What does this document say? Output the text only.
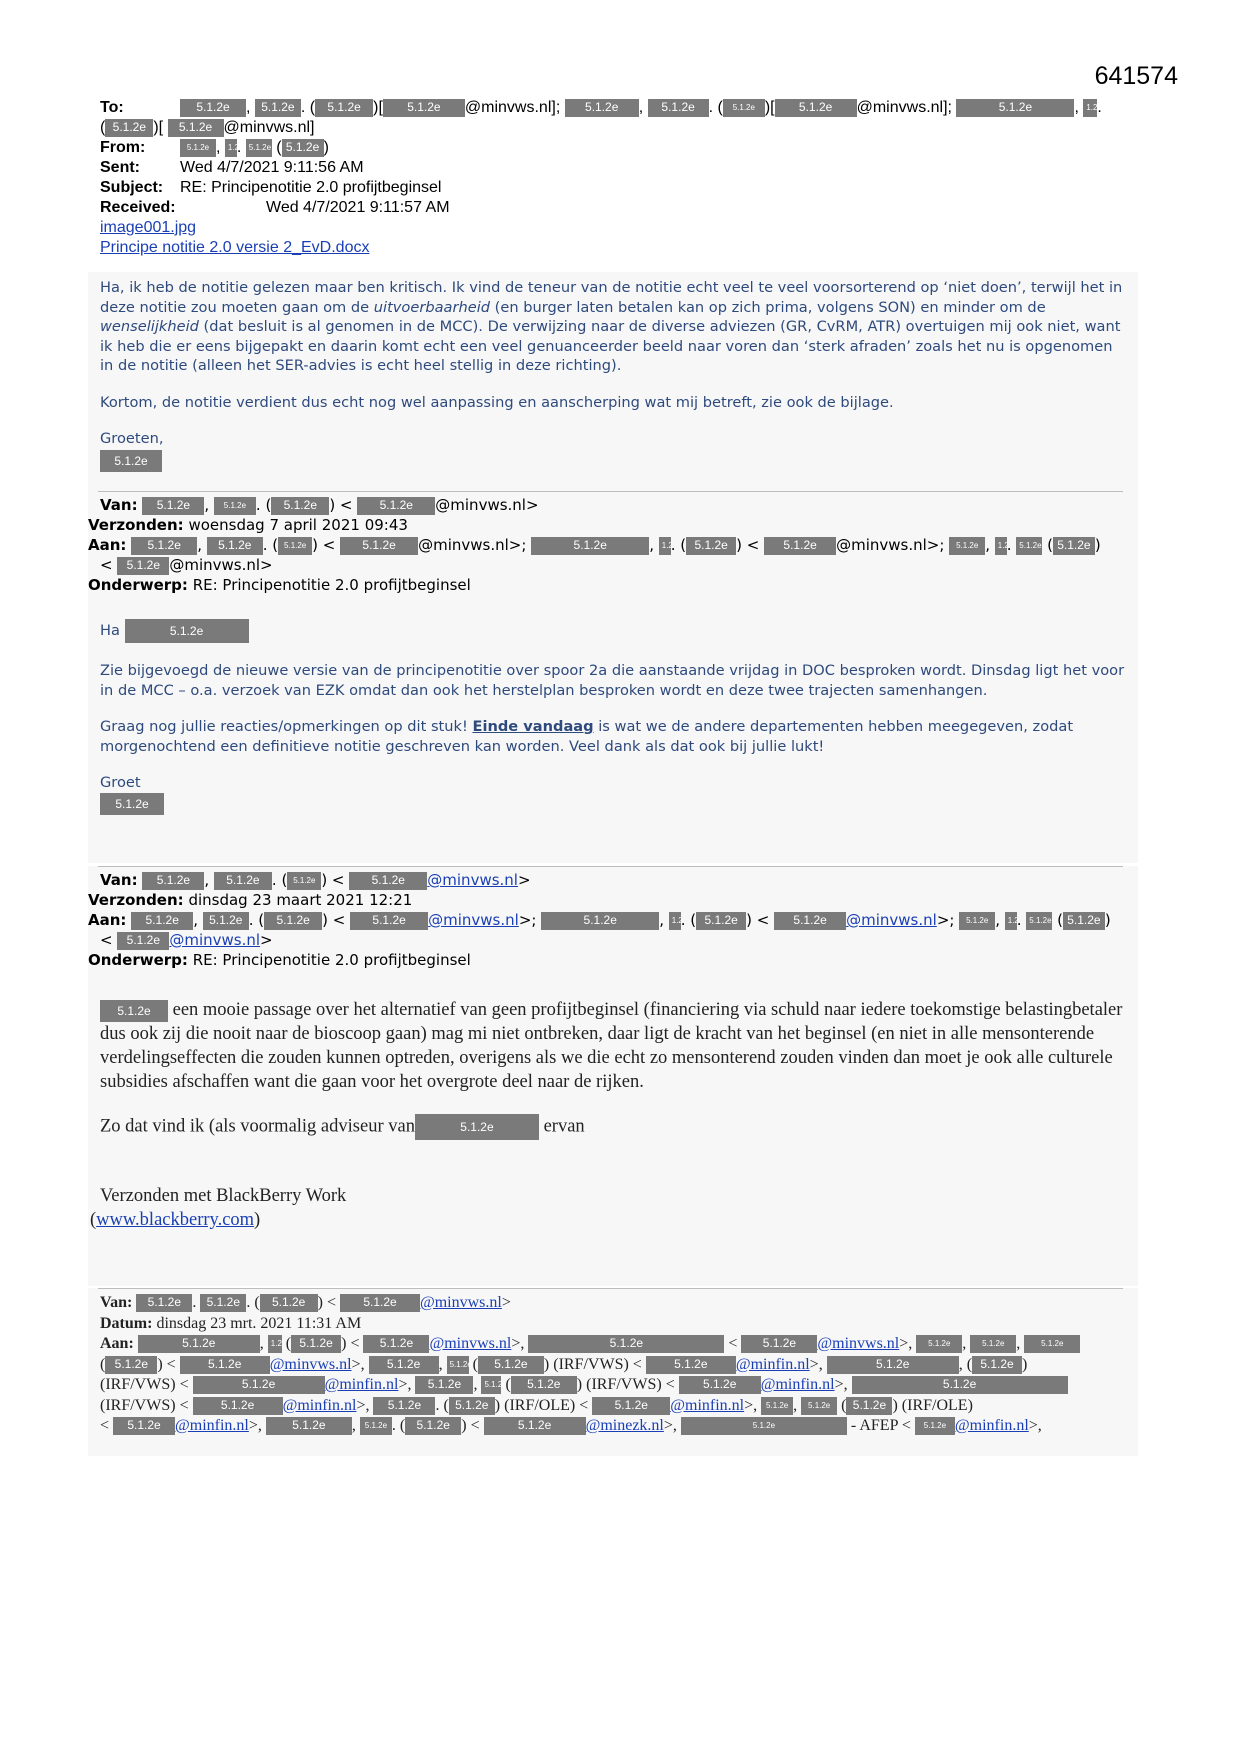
641574
To:	5.1.2e , 5.1.2e . ( 5.1.2e )[ 5.1.2e @minvws.nl]; 5.1.2e , 5.1.2e . ( 5.1.2e )[ 5.1.2e @minvws.nl];	5.1.2e	, 1.2.
( 5.1.2e )[ 5.1.2e @minvws.nl]
From:	5.1.2e , 1.2. 5.1.2e ( 5.1.2e )
Sent:	Wed 4/7/2021 9:11:56 AM
Subject: RE: Principenotitie 2.0 profijtbeginsel
Received:	Wed 4/7/2021 9:11:57 AM
image001.jpg
Principe notitie 2.0 versie 2_EvD.docx

Ha, ik heb de notitie gelezen maar ben kritisch. Ik vind de teneur van de notitie echt veel te veel voorsorterend op ‘niet doen’, terwijl het in deze notitie zou moeten gaan om de uitvoerbaarheid (en burger laten betalen kan op zich prima, volgens SON) en minder om de wenselijkheid (dat besluit is al genomen in de MCC). De verwijzing naar de diverse adviezen (GR, CvRM, ATR) overtuigen mij ook niet, want ik heb die er eens bijgepakt en daarin komt echt een veel genuanceerder beeld naar voren dan ‘sterk afraden’ zoals het nu is opgenomen in de notitie (alleen het SER-advies is echt heel stellig in deze richting).

Kortom, de notitie verdient dus echt nog wel aanpassing en aanscherping wat mij betreft, zie ook de bijlage.

Groeten,
5.1.2e
Van: 5.1.2e , 5.1.2e . ( 5.1.2e ) < 5.1.2e @minvws.nl>
Verzonden: woensdag 7 april 2021 09:43
Aan: 5.1.2e , 5.1.2e . ( 5.1.2e ) < 5.1.2e @minvws.nl>;	5.1.2e	, 1.2. ( 5.1.2e ) < 5.1.2e @minvws.nl>; 5.1.2e , 1.2. 5.1.2e ( 5.1.2e )
< 5.1.2e @minvws.nl>
Onderwerp: RE: Principenotitie 2.0 profijtbeginsel

Ha	5.1.2e

Zie bijgevoegd de nieuwe versie van de principenotitie over spoor 2a die aanstaande vrijdag in DOC besproken wordt. Dinsdag ligt het voor in de MCC – o.a. verzoek van EZK omdat dan ook het herstelplan besproken wordt en deze twee trajecten samenhangen.

Graag nog jullie reacties/opmerkingen op dit stuk! Einde vandaag is wat we de andere departementen hebben meegegeven, zodat morgenochtend een definitieve notitie geschreven kan worden. Veel dank als dat ook bij jullie lukt!

Groet
5.1.2e
Van: 5.1.2e , 5.1.2e . ( 5.1.2e ) < 5.1.2e @minvws.nl>
Verzonden: dinsdag 23 maart 2021 12:21
Aan: 5.1.2e , 5.1.2e . ( 5.1.2e ) < 5.1.2e @minvws.nl>;	5.1.2e	, 1.2. ( 5.1.2e ) < 5.1.2e @minvws.nl>; 5.1.2e , 1.2. 5.1.2e ( 5.1.2e )
< 5.1.2e @minvws.nl>
Onderwerp: RE: Principenotitie 2.0 profijtbeginsel
5.1.2e een mooie passage over het alternatief van geen profijtbeginsel (financiering via schuld naar iedere toekomstige belastingbetaler dus ook zij die nooit naar de bioscoop gaan) mag mi niet ontbreken, daar ligt de kracht van het beginsel (en niet in alle mensonterende verdelingseffecten die zouden kunnen optreden, overigens als we die echt zo mensonterend zouden vinden dan moet je ook alle culturele subsidies afschaffen want die gaan voor het overgrote deel naar de rijken.
Zo dat vind ik (als voormalig adviseur van	5.1.2e	ervan
Verzonden met BlackBerry Work
(www.blackberry.com)
Van: 5.1.2e . 5.1.2e . ( 5.1.2e ) < 5.1.2e @minvws.nl>
Datum: dinsdag 23 mrt. 2021 11:31 AM
Aan:	5.1.2e	, 1.2 ( 5.1.2e ) < 5.1.2e @minvws.nl>,	5.1.2e	< 5.1.2e @minvws.nl>, 5.1.2e , 5.1.2e , 5.1.2e
( 5.1.2e ) < 5.1.2e @minvws.nl>, 5.1.2e , 5.1.2e ( 5.1.2e ) (IRF/VWS) < 5.1.2e @minfin.nl>,	5.1.2e	, ( 5.1.2e )
(IRF/VWS) <	5.1.2e	@minfin.nl>, 5.1.2e , 5.1.2e ( 5.1.2e ) (IRF/VWS) < 5.1.2e @minfin.nl>,	5.1.2e
(IRF/VWS) < 5.1.2e @minfin.nl>, 5.1.2e . ( 5.1.2e ) (IRF/OLE) < 5.1.2e @minfin.nl>, 5.1.2e , 5.1.2e ( 5.1.2e ) (IRF/OLE)
< 5.1.2e @minfin.nl>, 5.1.2e , 5.1.2e . ( 5.1.2e ) <	5.1.2e @minezk.nl>,	5.1.2e	- AFEP < 5.1.2e @minfin.nl>,
